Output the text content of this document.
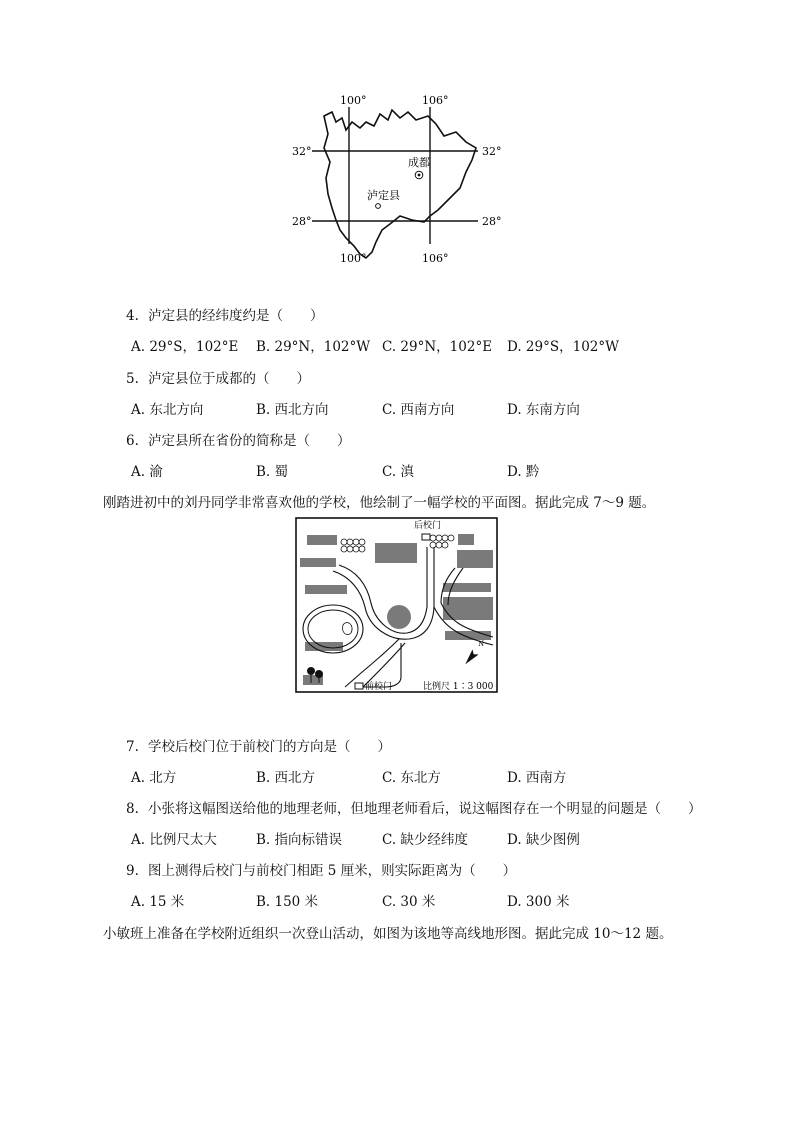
100°	106°
100°	106°
32°	32°
28°	28°
成都
泸定县
4. 泸定县的经纬度约是（　　）
A. 29°S，102°E B. 29°N，102°W C. 29°N，102°E D. 29°S，102°W
5. 泸定县位于成都的（　　）
A. 东北方向	B. 西北方向	C. 西南方向	D. 东南方向
6. 泸定县所在省份的简称是（　　）
A. 渝	B. 蜀	C. 滇	D. 黔
刚踏进初中的刘丹同学非常喜欢他的学校，他绘制了一幅学校的平面图。据此完成 7～9 题。
后校门
前校门
N
比例尺 1∶3 000
7. 学校后校门位于前校门的方向是（　　）
A. 北方	B. 西北方	C. 东北方	D. 西南方
8. 小张将这幅图送给他的地理老师，但地理老师看后，说这幅图存在一个明显的问题是（　　）
A. 比例尺太大	B. 指向标错误	C. 缺少经纬度	D. 缺少图例
9. 图上测得后校门与前校门相距 5 厘米，则实际距离为（　　）
A. 15 米	B. 150 米	C. 30 米	D. 300 米
小敏班上准备在学校附近组织一次登山活动，如图为该地等高线地形图。据此完成 10～12 题。
